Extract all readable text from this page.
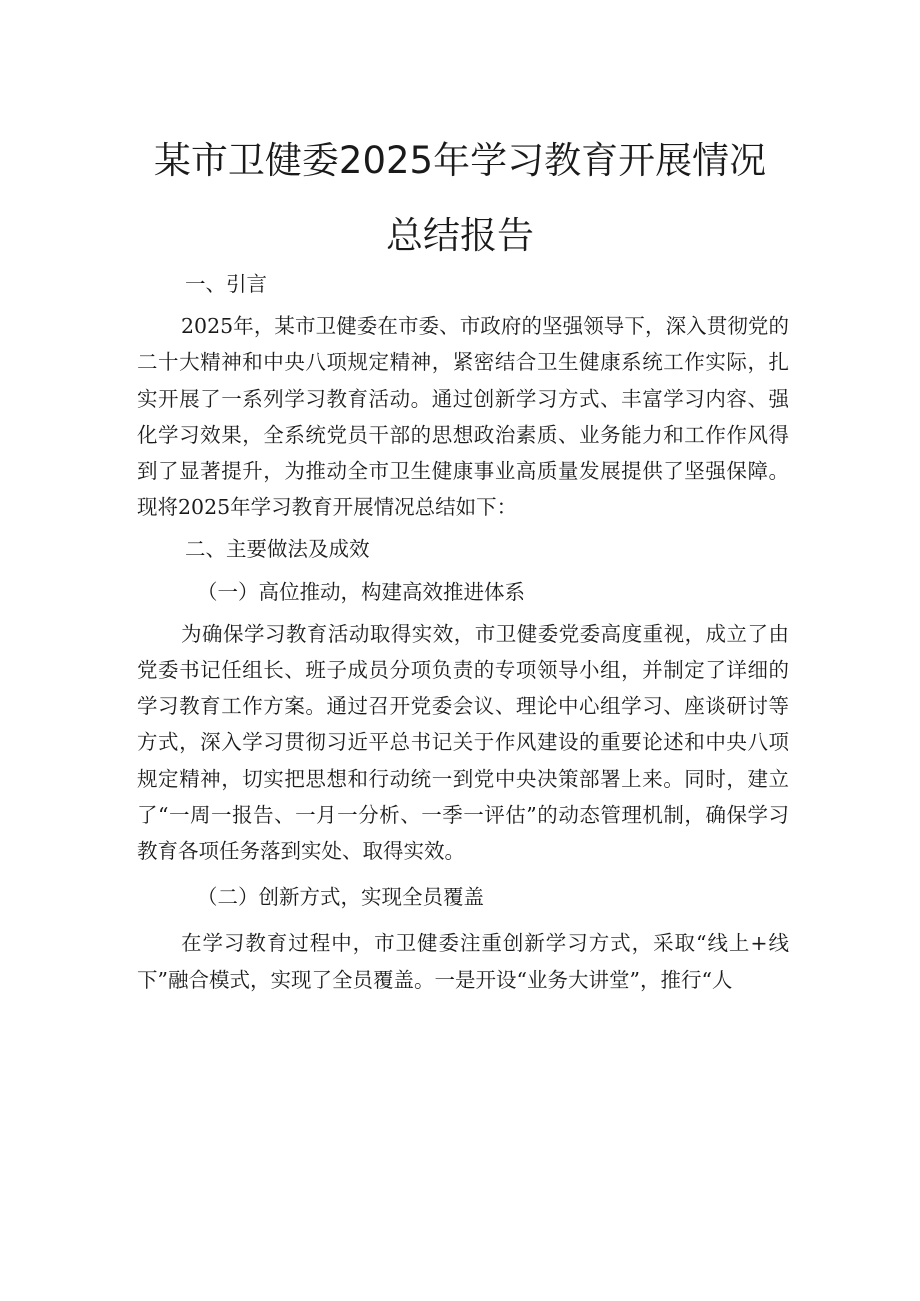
某市卫健委2025年学习教育开展情况
总结报告

一、引言

2025年，某市卫健委在市委、市政府的坚强领导下，深入贯彻党的二十大精神和中央八项规定精神，紧密结合卫生健康系统工作实际，扎实开展了一系列学习教育活动。通过创新学习方式、丰富学习内容、强化学习效果，全系统党员干部的思想政治素质、业务能力和工作作风得到了显著提升，为推动全市卫生健康事业高质量发展提供了坚强保障。现将2025年学习教育开展情况总结如下：

二、主要做法及成效

（一）高位推动，构建高效推进体系

为确保学习教育活动取得实效，市卫健委党委高度重视，成立了由党委书记任组长、班子成员分项负责的专项领导小组，并制定了详细的学习教育工作方案。通过召开党委会议、理论中心组学习、座谈研讨等方式，深入学习贯彻习近平总书记关于作风建设的重要论述和中央八项规定精神，切实把思想和行动统一到党中央决策部署上来。同时，建立了“一周一报告、一月一分析、一季一评估”的动态管理机制，确保学习教育各项任务落到实处、取得实效。

（二）创新方式，实现全员覆盖

在学习教育过程中，市卫健委注重创新学习方式，采取“线上+线下”融合模式，实现了全员覆盖。一是开设“业务大讲堂”，推行“人
